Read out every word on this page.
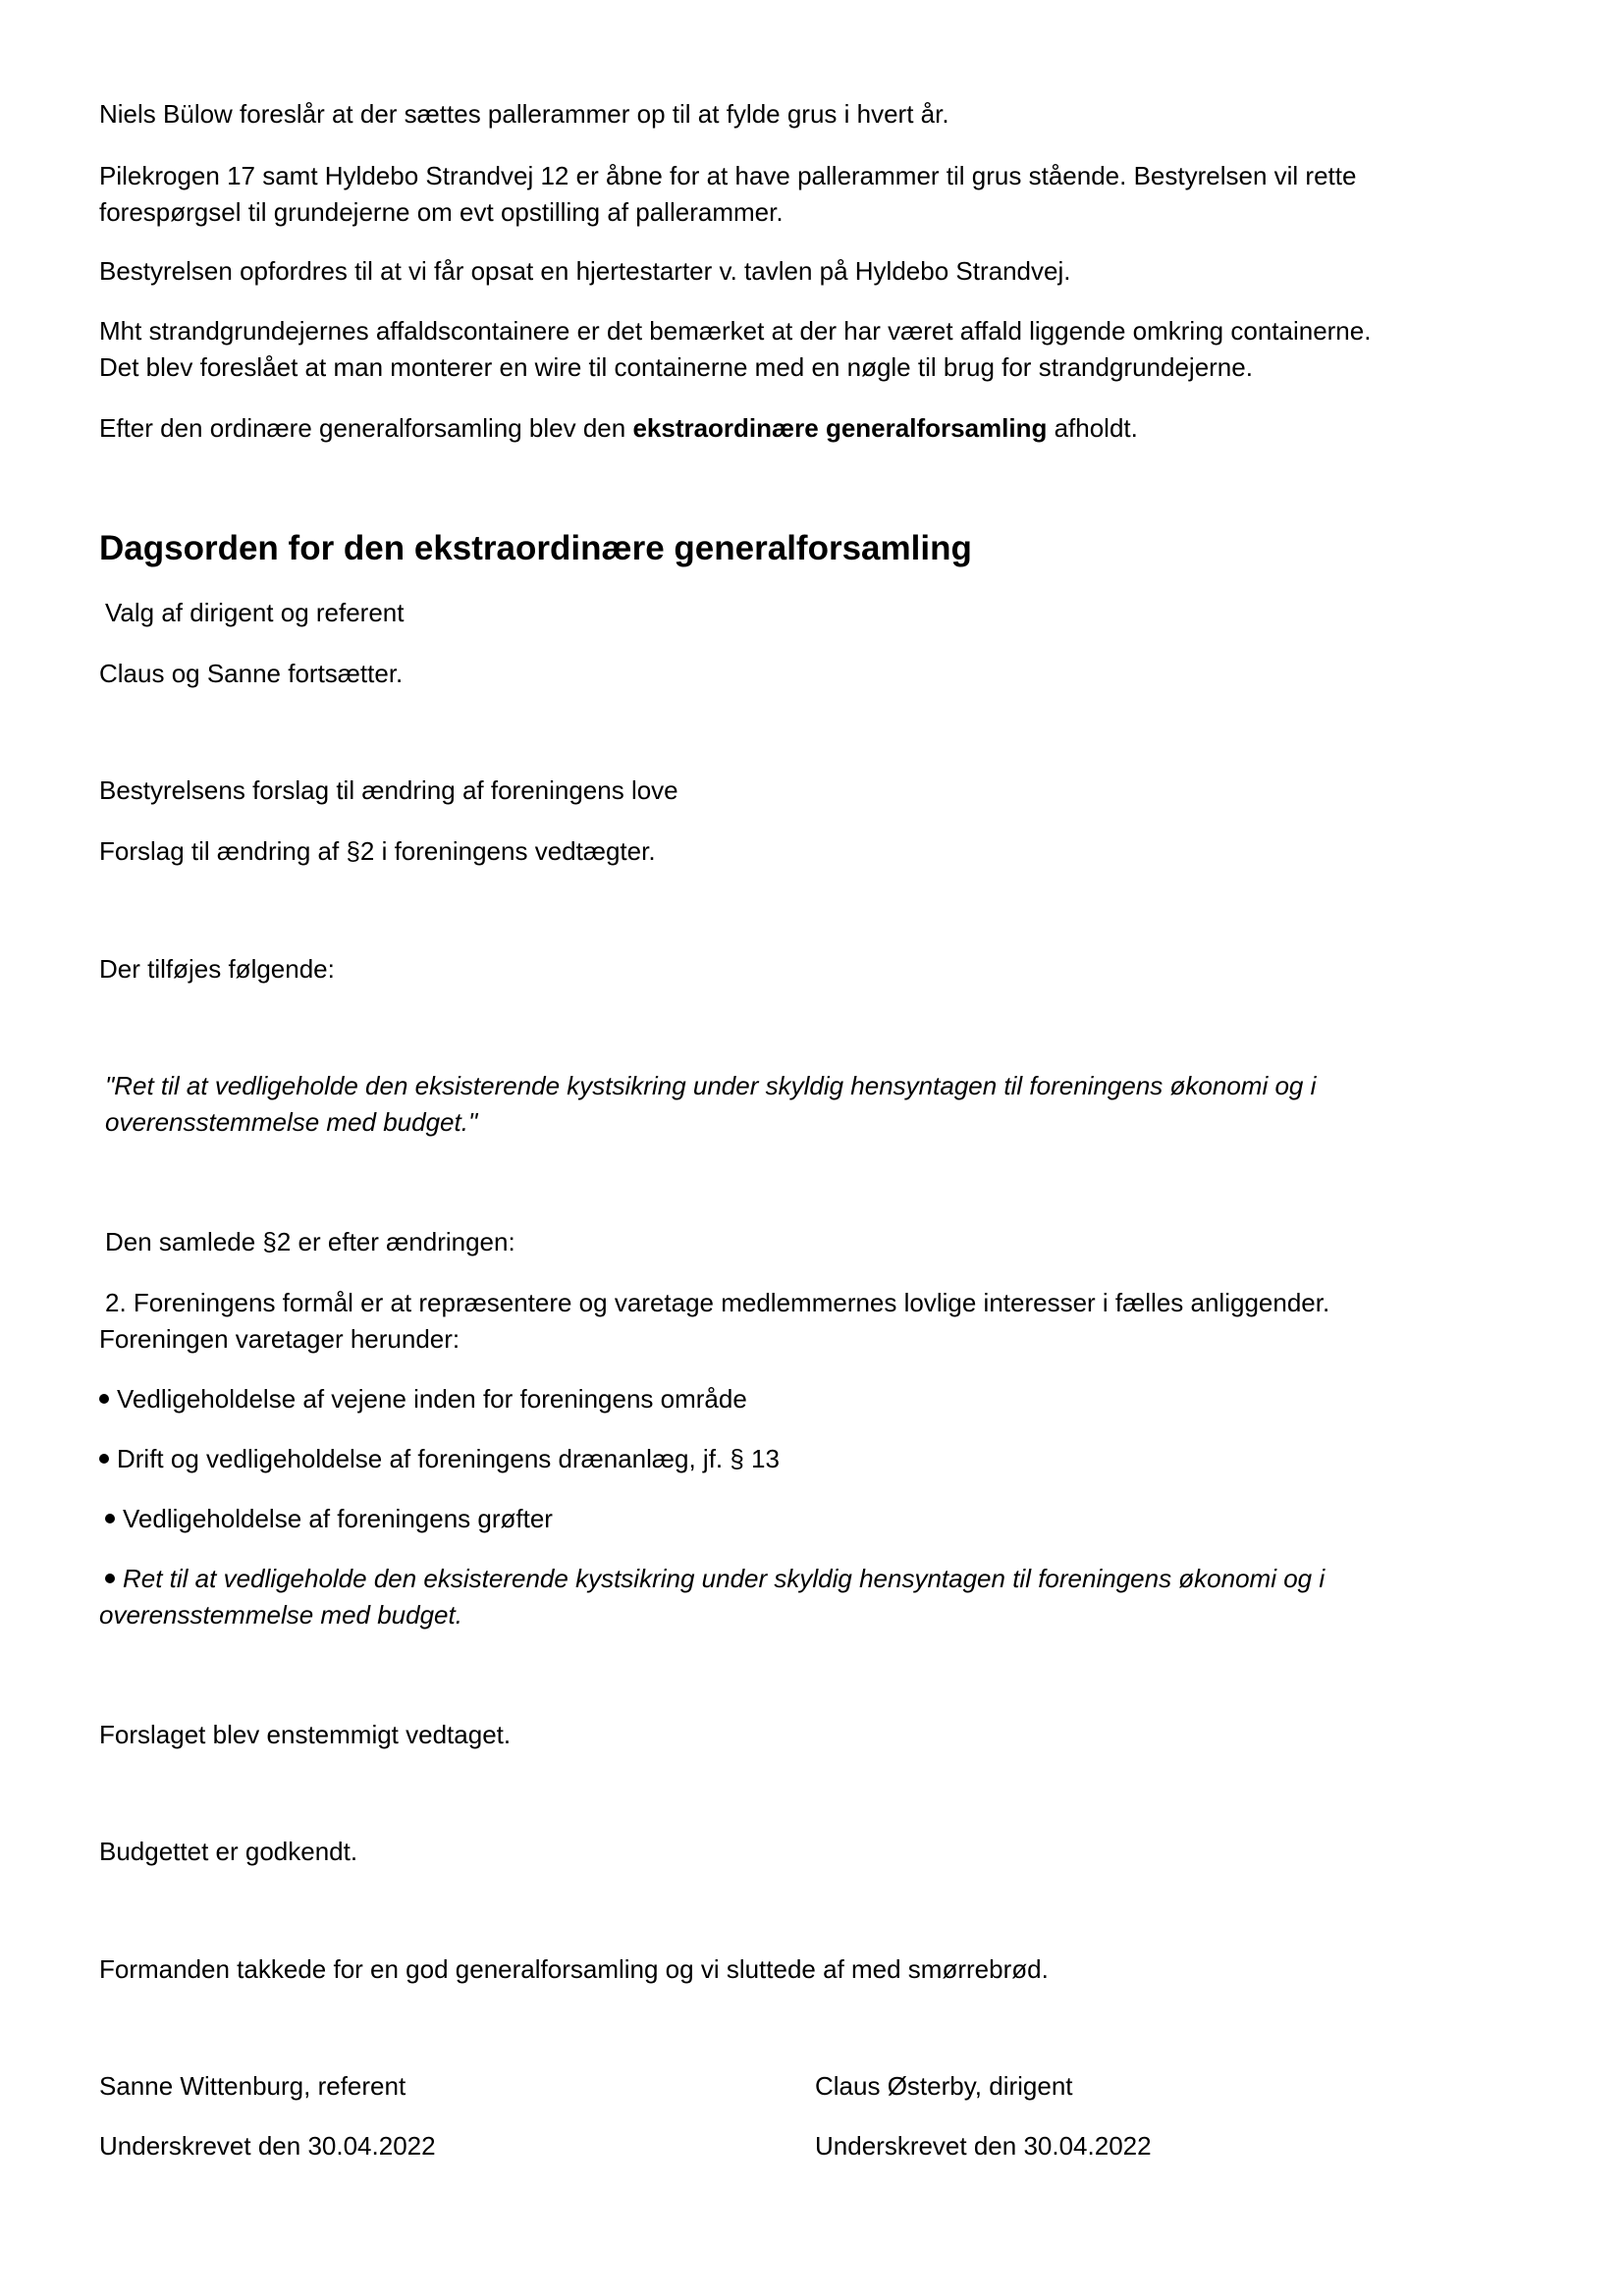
Niels Bülow foreslår at der sættes pallerammer op til at fylde grus i hvert år.

Pilekrogen 17 samt Hyldebo Strandvej 12 er åbne for at have pallerammer til grus stående. Bestyrelsen vil rette

forespørgsel til grundejerne om evt opstilling af pallerammer.

Bestyrelsen opfordres til at vi får opsat en hjertestarter v. tavlen på Hyldebo Strandvej.

Mht strandgrundejernes affaldscontainere er det bemærket at der har været affald liggende omkring containerne.

Det blev foreslået at man monterer en wire til containerne med en nøgle til brug for strandgrundejerne.

Efter den ordinære generalforsamling blev den ekstraordinære generalforsamling afholdt.

Dagsorden for den ekstraordinære generalforsamling
Valg af dirigent og referent
Claus og Sanne fortsætter.
Bestyrelsens forslag til ændring af foreningens love
Forslag til ændring af §2 i foreningens vedtægter.
Der tilføjes følgende:

"Ret til at vedligeholde den eksisterende kystsikring under skyldig hensyntagen til foreningens økonomi og i

overensstemmelse med budget."

Den samlede §2 er efter ændringen:

2. Foreningens formål er at repræsentere og varetage medlemmernes lovlige interesser i fælles anliggender.

Foreningen varetager herunder:

Vedligeholdelse af vejene inden for foreningens område
Drift og vedligeholdelse af foreningens drænanlæg, jf. § 13
Vedligeholdelse af foreningens grøfter

Ret til at vedligeholde den eksisterende kystsikring under skyldig hensyntagen til foreningens økonomi og i

overensstemmelse med budget.

Forslaget blev enstemmigt vedtaget.
Budgettet er godkendt.
Formanden takkede for en god generalforsamling og vi sluttede af med smørrebrød.
Sanne Wittenburg, referent
Underskrevet den 30.04.2022
Claus Østerby, dirigent
Underskrevet den 30.04.2022
